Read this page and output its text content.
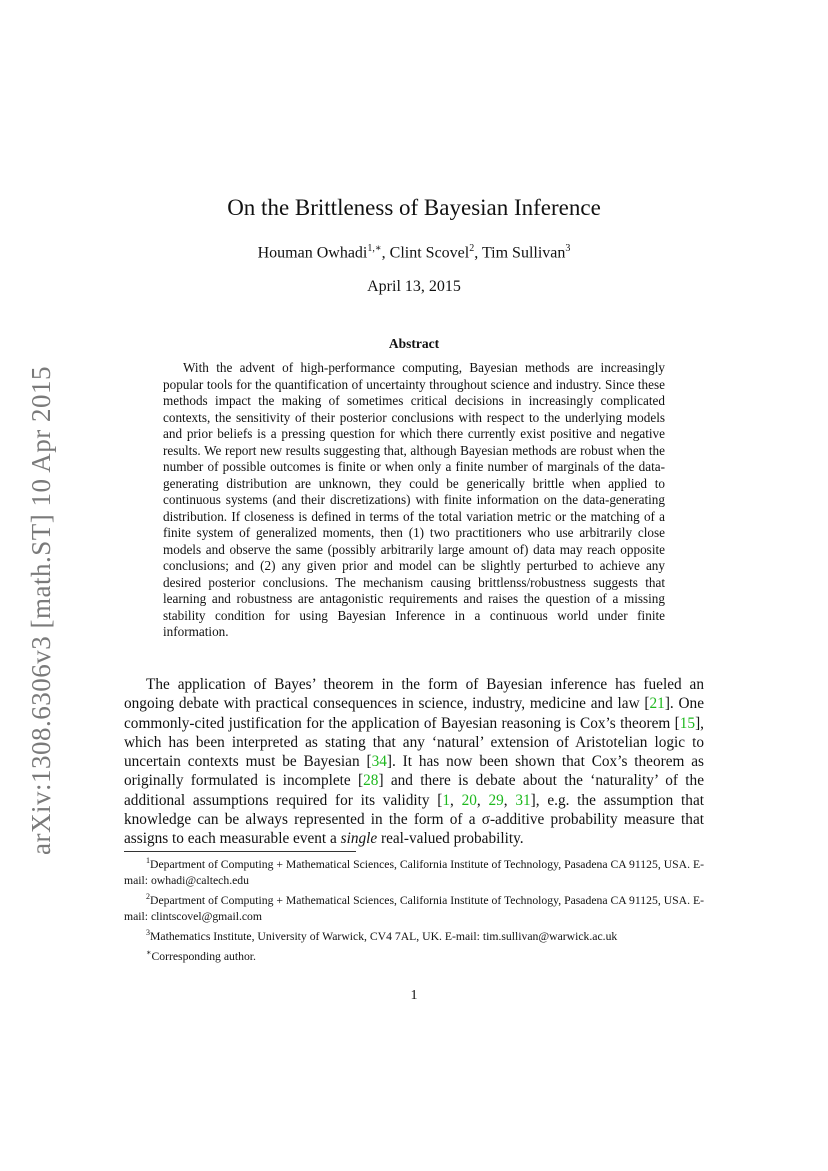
arXiv:1308.6306v3 [math.ST] 10 Apr 2015
On the Brittleness of Bayesian Inference
Houman Owhadi$^{1,∗}$, Clint Scovel$^2$, Tim Sullivan$^3$
April 13, 2015
Abstract

With the advent of high-performance computing, Bayesian methods are increasingly popular tools for the quantification of uncertainty throughout science and industry. Since these methods impact the making of sometimes critical decisions in increasingly complicated contexts, the sensitivity of their posterior conclusions with respect to the underlying models and prior beliefs is a pressing question for which there currently exist positive and negative results. We report new results suggesting that, although Bayesian methods are robust when the number of possible outcomes is finite or when only a finite number of marginals of the data-generating distribution are unknown, they could be generically brittle when applied to continuous systems (and their discretizations) with finite information on the data-generating distribution. If closeness is defined in terms of the total variation metric or the matching of a finite system of generalized moments, then (1) two practitioners who use arbitrarily close models and observe the same (possibly arbitrarily large amount of) data may reach opposite conclusions; and (2) any given prior and model can be slightly perturbed to achieve any desired posterior conclusions. The mechanism causing brittlenss/robustness suggests that learning and robustness are antagonistic requirements and raises the question of a missing stability condition for using Bayesian Inference in a continuous world under finite information.

The application of Bayes’ theorem in the form of Bayesian inference has fueled an ongoing debate with practical consequences in science, industry, medicine and law [21]. One commonly-cited justification for the application of Bayesian reasoning is Cox’s theorem [15], which has been interpreted as stating that any ‘natural’ extension of Aristotelian logic to uncertain contexts must be Bayesian [34]. It has now been shown that Cox’s theorem as originally formulated is incomplete [28] and there is debate about the ‘naturality’ of the additional assumptions required for its validity [1, 20, 29, 31], e.g. the assumption that knowledge can be always represented in the form of a σ-additive probability measure that assigns to each measurable event a single real-valued probability.

$^1$Department of Computing + Mathematical Sciences, California Institute of Technology, Pasadena CA 91125, USA. E-mail: owhadi@caltech.edu

$^2$Department of Computing + Mathematical Sciences, California Institute of Technology, Pasadena CA 91125, USA. E-mail: clintscovel@gmail.com

$^3$Mathematics Institute, University of Warwick, CV4 7AL, UK. E-mail: tim.sullivan@warwick.ac.uk

∗Corresponding author.

1
